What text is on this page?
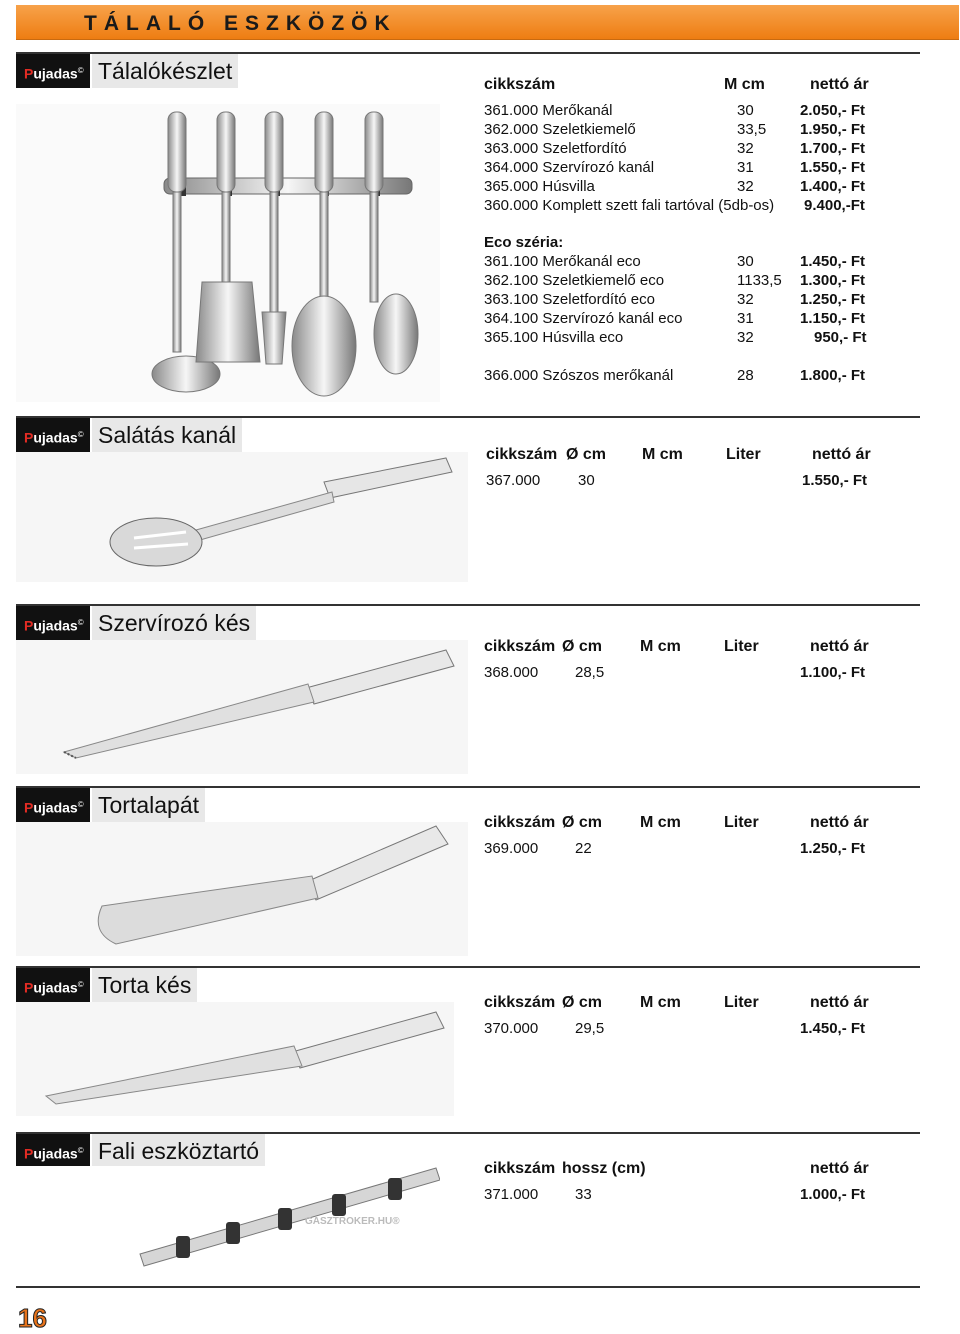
TÁLALÓ ESZKÖZÖK
Pujadas© Tálalókészlet
cikkszám	M cm	nettó ár
361.000 Merőkanál	30	2.050,- Ft
362.000 Szeletkiemelő	33,5 1.950,- Ft
363.000 Szeletfordító	32	1.700,- Ft
364.000 Szervírozó kanál	31	1.550,- Ft
365.000 Húsvilla	32	1.400,- Ft
360.000 Komplett szett fali tartóval (5db-os) 9.400,-Ft
Eco széria:
361.100 Merőkanál eco	30	1.450,- Ft
362.100 Szeletkiemelő eco	1133,5 1.300,- Ft
363.100 Szeletfordító eco	32	1.250,- Ft
364.100 Szervírozó kanál eco	31	1.150,- Ft
365.100 Húsvilla eco	32	950,- Ft
366.000 Szószos merőkanál	28	1.800,- Ft
Pujadas© Salátás kanál
cikkszám Ø cm M cm	Liter	nettó ár
367.000	30	1.550,- Ft
Pujadas© Szervírozó kés
cikkszám Ø cm M cm	Liter	nettó ár
368.000 28,5	1.100,- Ft
Pujadas© Tortalapát
cikkszám Ø cm M cm	Liter	nettó ár
369.000 22	1.250,- Ft
Pujadas© Torta kés
cikkszám Ø cm M cm	Liter	nettó ár
370.000 29,5	1.450,- Ft
Pujadas© Fali eszköztartó
cikkszám hossz (cm)	nettó ár
371.000 33	1.000,- Ft
GASZTROKER.HU®
16
